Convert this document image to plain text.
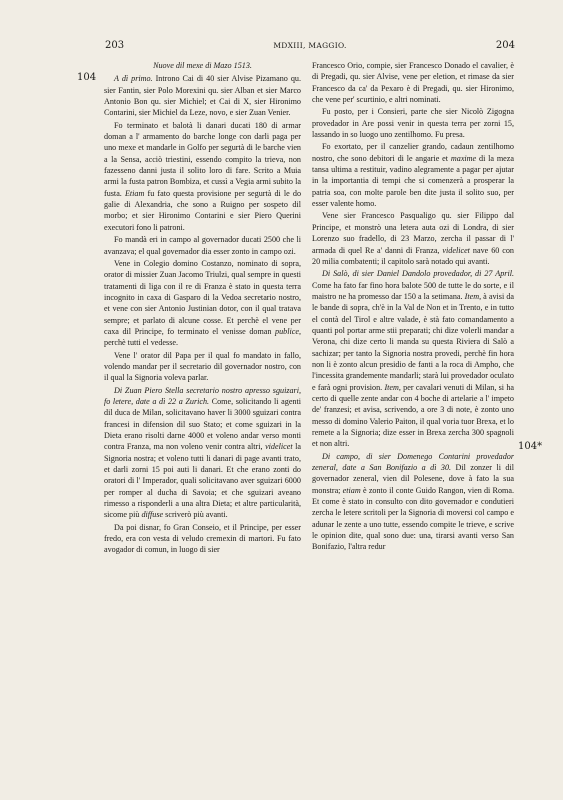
203	MDXIII, MAGGIO.	204
104
104*

Nuove dil mexe di Mazo 1513.

A dì primo. Introno Cai di 40 sier Alvise Pizamano qu. sier Fantin, sier Polo Morexini qu. sier Alban et sier Marco Antonio Bon qu. sier Michiel; et Cai di X, sier Hironimo Contarini, sier Michiel da Leze, novo, e sier Zuan Venier.

Fo terminato et balotà li danari ducati 180 di armar doman a l' armamento do barche longe con darli paga per uno mexe et mandarle in Golfo per segurtà di le barche vien a la Sensa, acciò triestini, essendo compito la trieva, non fazesseno danni justa il solito loro di fare. Scrito a Muia armi la fusta patron Bombiza, et cussì a Vegia armi subito la fusta. Etiam fu fato questa provisione per segurtà di le do galie di Alexandria, che sono a Ruigno per sospeto dil morbo; et sier Hironimo Contarini e sier Piero Querini executori fono li patroni.

Fo mandà eri in campo al governador ducati 2500 che li avanzava; el qual governador dia esser zonto in campo ozi.

Vene in Colegio domino Costanzo, nominato di sopra, orator di missier Zuan Jacomo Triulzi, qual sempre in questi tratamenti di liga con il re di Franza è stato in questa terra incognito in caxa di Gasparo di la Vedoa secretario nostro, et vene con sier Antonio Justinian dotor, con il qual tratava sempre; et parlato di alcune cosse. Et perchè el vene per caxa dil Principe, fo terminato el venisse doman publice, perchè tutti el vedesse.

Vene l' orator dil Papa per il qual fo mandato in fallo, volendo mandar per il secretario dil governador nostro, con il qual la Signoria voleva parlar.

Di Zuan Piero Stella secretario nostro apresso sguizari, fo letere, date a dì 22 a Zurich. Come, solicitando li agenti dil duca de Milan, solicitavano haver li 3000 sguizari contra francesi in difension dil suo Stato; et come sguizari in la Dieta erano risolti darne 4000 et voleno andar verso monti contra Franza, ma non voleno venir contra altri, videlicet la Signoria nostra; et voleno tutti li danari di page avanti trato, et darli zorni 15 poi auti li danari. Et che erano zonti do oratori di l' Imperador, quali solicitavano aver sguizari 6000 per romper al ducha di Savoia; et che sguizari aveano rimesso a risponderli a una altra Dieta; et altre particularità, sicome più diffuse scriverò più avanti.

Da poi disnar, fo Gran Conseio, et il Principe, per esser fredo, era con vesta di veludo cremexin di martori. Fu fato avogador di comun, in luogo di sier

Francesco Orio, compie, sier Francesco Donado el cavalier, è di Pregadi, qu. sier Alvise, vene per eletion, et rimase da sier Francesco da ca' da Pexaro è di Pregadi, qu. sier Hironimo, che vene per' scurtinio, e altri nominati.

Fu posto, per i Consieri, parte che sier Nicolò Zigogna provedador in Are possi venir in questa terra per zorni 15, lassando in so luogo uno zentilhomo. Fu presa.

Fo exortato, per il canzelier grando, cadaun zentilhomo nostro, che sono debitori di le angarie et maxime di la meza tansa ultima a restituir, vadino alegramente a pagar per ajutar in la importantia di tempi che si comenzerà a prosperar la patria soa, con molte parole ben dite justa il solito suo, per esser valente homo.

Vene sier Francesco Pasqualigo qu. sier Filippo dal Principe, et monstrò una letera auta ozi di Londra, di sier Lorenzo suo fradello, di 23 Marzo, zercha il passar di l' armada di quel Re a' danni di Franza, videlicet nave 60 con 20 milia combatenti; il capitolo sarà notado qui avanti.

Di Salò, di sier Daniel Dandolo provedador, di 27 April. Come ha fato far fino hora balote 500 de tutte le do sorte, e il maistro ne ha promesso dar 150 a la setimana. Item, à avisi da le bande di sopra, ch'è in la Val de Non et in Trento, e in tutto el contà del Tirol e altre valade, è stà fato comandamento a quanti pol portar arme stii preparati; chi dize volerli mandar a Verona, chi dize certo li manda su questa Riviera di Salò a sachizar; per tanto la Signoria nostra provedi, perchè fin hora non li è zonto alcun presidio de fanti a la roca di Ampho, che l'incessita grandemente mandarli; starà lui provedador oculato e farà ogni provision. Item, per cavalari venuti di Milan, si ha certo di quelle zente andar con 4 boche di artelarie a l' impeto de' franzesi; et avisa, scrivendo, a ore 3 di note, è zonto uno messo di domino Valerio Paiton, il qual voria tuor Brexa, et lo remete a la Signoria; dize esser in Brexa zercha 300 spagnoli et non altri.

Di campo, di sier Domenego Contarini provedador zeneral, date a San Bonifazio a dì 30. Dil zonzer li dil governador zeneral, vien dil Polesene, dove à fato la sua monstra; etiam è zonto il conte Guido Rangon, vien di Roma. Et come è stato in consulto con dito governador e condutieri zercha le letere scritoli per la Signoria di moversi col campo e adunar le zente a uno tutte, essendo compite le trieve, e scrive le opinion dite, qual sono due: una, tirarsi avanti verso San Bonifazio, l'altra redur
